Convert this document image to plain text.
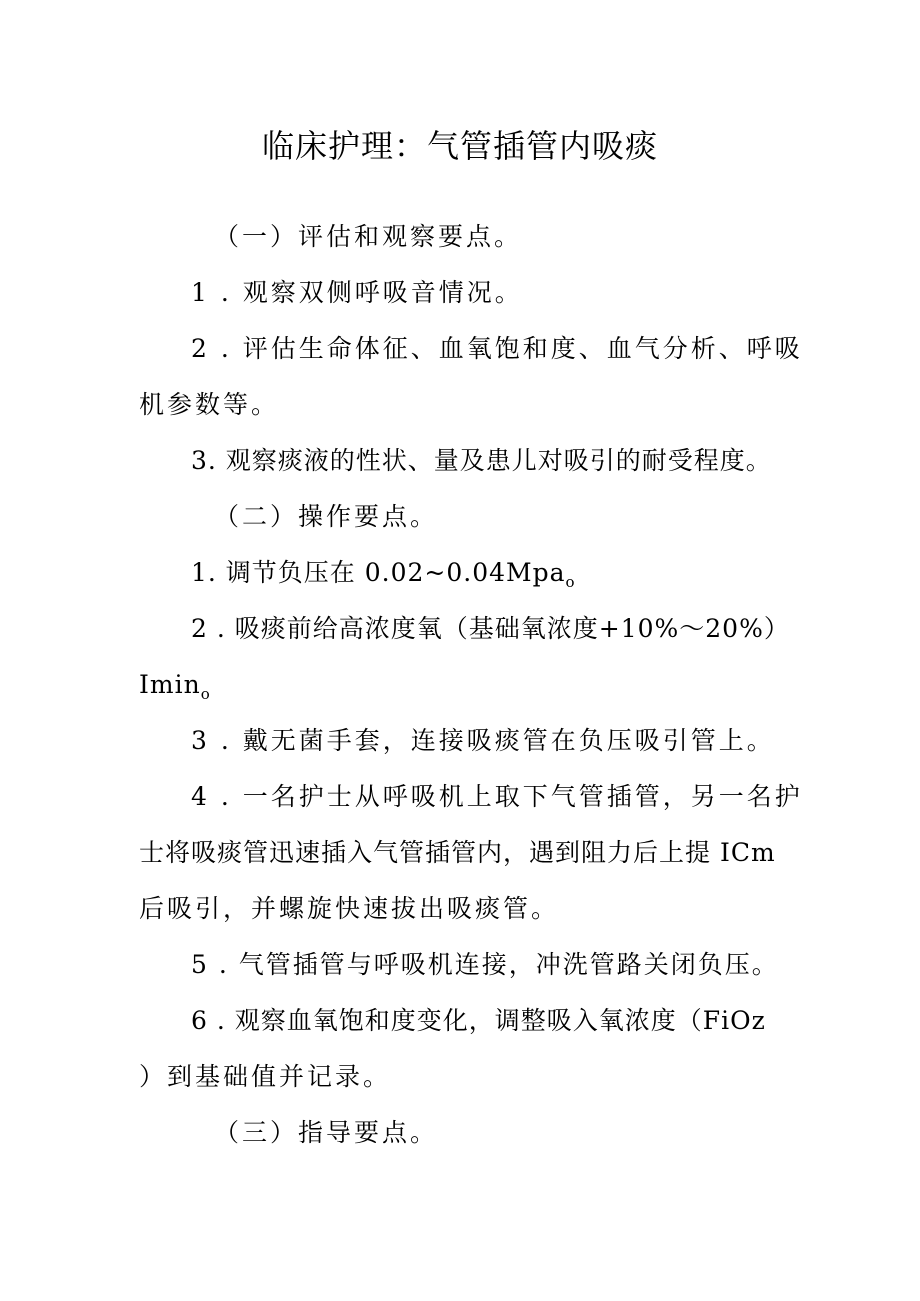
临床护理：气管插管内吸痰

（一）评估和观察要点。

1 . 观察双侧呼吸音情况。

2 . 评估生命体征、血氧饱和度、血气分析、呼吸

机参数等。

3. 观察痰液的性状、量及患儿对吸引的耐受程度。

（二）操作要点。

1. 调节负压在 0.02~0.04Mpa$_o$

2 . 吸痰前给高浓度氧（基础氧浓度+10%～20%）

Imin$_o$

3 . 戴无菌手套，连接吸痰管在负压吸引管上。

4 . 一名护士从呼吸机上取下气管插管，另一名护

士将吸痰管迅速插入气管插管内，遇到阻力后上提 ICm

后吸引，并螺旋快速拔出吸痰管。

5 . 气管插管与呼吸机连接，冲洗管路关闭负压。

6 . 观察血氧饱和度变化，调整吸入氧浓度（FiOz

）到基础值并记录。

（三）指导要点。
